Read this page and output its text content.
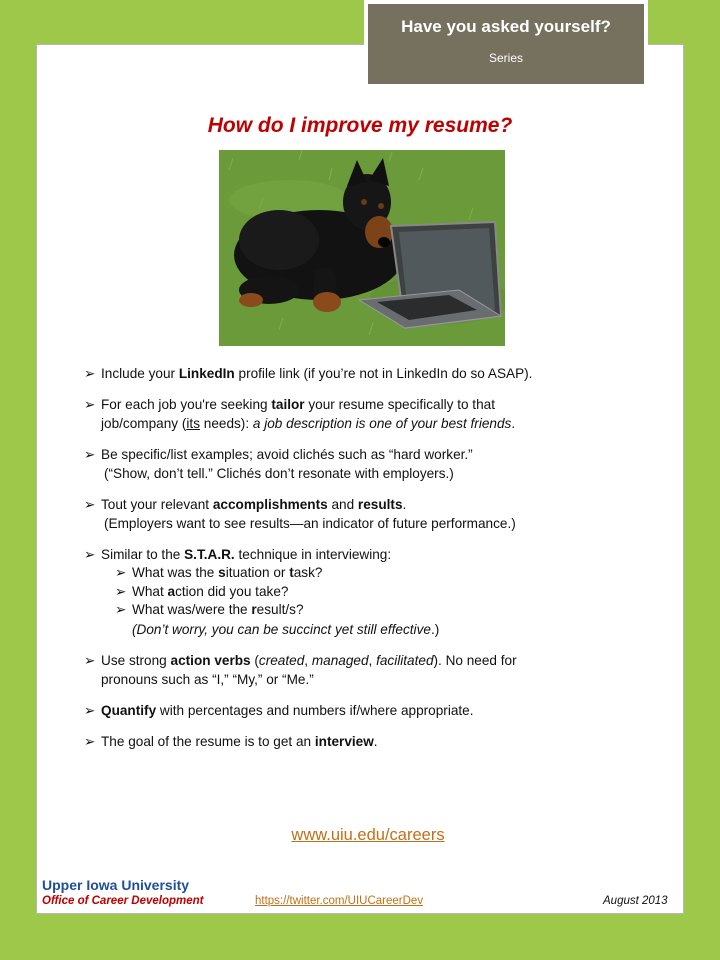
Have you asked yourself?
Series
How do I improve my resume?
➢ Include your LinkedIn profile link (if you’re not in LinkedIn do so ASAP).
➢ For each job you're seeking tailor your resume specifically to that
job/company (its needs): a job description is one of your best friends.
➢ Be specific/list examples; avoid clichés such as “hard worker.”
(“Show, don’t tell.” Clichés don’t resonate with employers.)
➢ Tout your relevant accomplishments and results.
(Employers want to see results—an indicator of future performance.)
➢ Similar to the S.T.A.R. technique in interviewing:
➢ What was the situation or task?
➢ What action did you take?
➢ What was/were the result/s?
(Don’t worry, you can be succinct yet still effective.)
➢ Use strong action verbs (created, managed, facilitated). No need for
pronouns such as “I,” “My,” or “Me.”
➢ Quantify with percentages and numbers if/where appropriate.
➢ The goal of the resume is to get an interview.
www.uiu.edu/careers
Upper Iowa University
Office of Career Development	https://twitter.com/UIUCareerDev	August 2013
